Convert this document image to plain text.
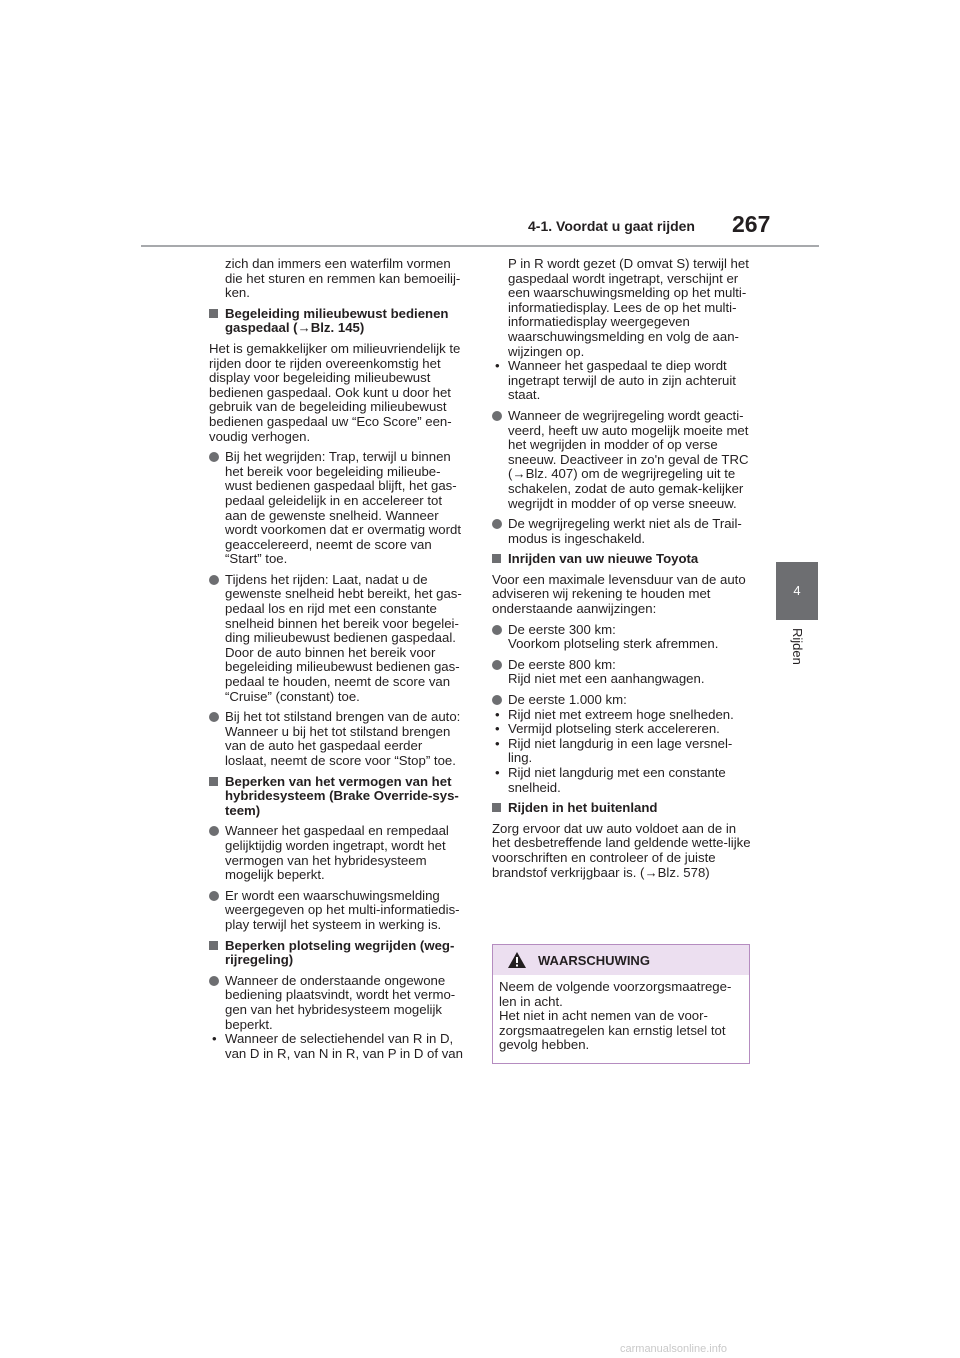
4-1. Voordat u gaat rijden 267
4
Rijden
zich dan immers een waterfilm vormen die het sturen en remmen kan bemoeilij-ken.
Begeleiding milieubewust bedienen gaspedaal (→Blz. 145)
Het is gemakkelijker om milieuvriendelijk te rijden door te rijden overeenkomstig het display voor begeleiding milieubewust bedienen gaspedaal. Ook kunt u door het gebruik van de begeleiding milieubewust bedienen gaspedaal uw “Eco Score” een-voudig verhogen.
Bij het wegrijden: Trap, terwijl u binnen het bereik voor begeleiding milieube-wust bedienen gaspedaal blijft, het gas-pedaal geleidelijk in en accelereer tot aan de gewenste snelheid. Wanneer wordt voorkomen dat er overmatig wordt geaccelereerd, neemt de score van “Start” toe.
Tijdens het rijden: Laat, nadat u de gewenste snelheid hebt bereikt, het gas-pedaal los en rijd met een constante snelheid binnen het bereik voor begelei-ding milieubewust bedienen gaspedaal. Door de auto binnen het bereik voor begeleiding milieubewust bedienen gas-pedaal te houden, neemt de score van “Cruise” (constant) toe.
Bij het tot stilstand brengen van de auto: Wanneer u bij het tot stilstand brengen van de auto het gaspedaal eerder loslaat, neemt de score voor “Stop” toe.
Beperken van het vermogen van het hybridesysteem (Brake Override-sys-teem)
Wanneer het gaspedaal en rempedaal gelijktijdig worden ingetrapt, wordt het vermogen van het hybridesysteem mogelijk beperkt.
Er wordt een waarschuwingsmelding weergegeven op het multi-informatiedis-play terwijl het systeem in werking is.
Beperken plotseling wegrijden (weg-rijregeling)
Wanneer de onderstaande ongewone bediening plaatsvindt, wordt het vermo-gen van het hybridesysteem mogelijk beperkt.
• Wanneer de selectiehendel van R in D, van D in R, van N in R, van P in D of van
P in R wordt gezet (D omvat S) terwijl het gaspedaal wordt ingetrapt, verschijnt er een waarschuwingsmelding op het multi-informatiedisplay. Lees de op het multi-informatiedisplay weergegeven waarschuwingsmelding en volg de aan-wijzingen op.
• Wanneer het gaspedaal te diep wordt ingetrapt terwijl de auto in zijn achteruit staat.
Wanneer de wegrijregeling wordt geacti-veerd, heeft uw auto mogelijk moeite met het wegrijden in modder of op verse sneeuw. Deactiveer in zo'n geval de TRC (→Blz. 407) om de wegrijregeling uit te schakelen, zodat de auto gemak-kelijker wegrijdt in modder of op verse sneeuw.
De wegrijregeling werkt niet als de Trail-modus is ingeschakeld.
Inrijden van uw nieuwe Toyota
Voor een maximale levensduur van de auto adviseren wij rekening te houden met onderstaande aanwijzingen:
De eerste 300 km:
Voorkom plotseling sterk afremmen.
De eerste 800 km:
Rijd niet met een aanhangwagen.
De eerste 1.000 km:
• Rijd niet met extreem hoge snelheden.
• Vermijd plotseling sterk accelereren.
• Rijd niet langdurig in een lage versnel-ling.
• Rijd niet langdurig met een constante snelheid.
Rijden in het buitenland
Zorg ervoor dat uw auto voldoet aan de in het desbetreffende land geldende wette-lijke voorschriften en controleer of de juiste brandstof verkrijgbaar is. (→Blz. 578)
WAARSCHUWING
Neem de volgende voorzorgsmaatrege-len in acht.
Het niet in acht nemen van de voor-zorgsmaatregelen kan ernstig letsel tot gevolg hebben.
carmanualsonline.info
